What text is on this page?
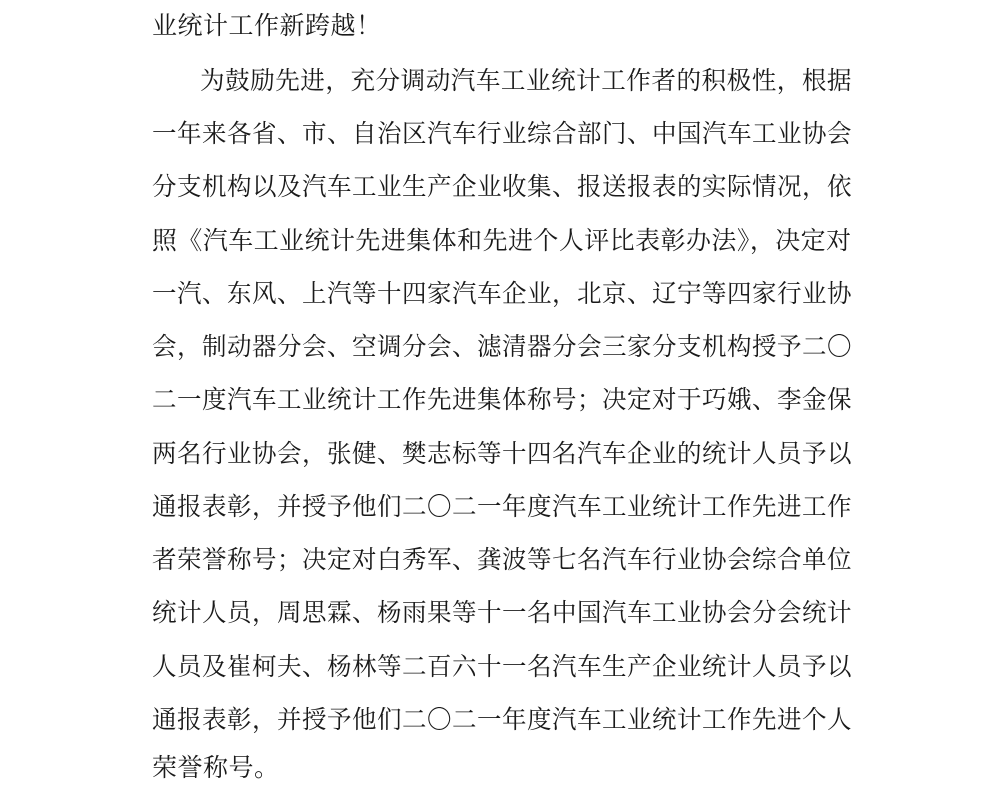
业统计工作新跨越！
为鼓励先进，充分调动汽车工业统计工作者的积极性，根据
一年来各省、市、自治区汽车行业综合部门、中国汽车工业协会
分支机构以及汽车工业生产企业收集、报送报表的实际情况，依
照《汽车工业统计先进集体和先进个人评比表彰办法》，决定对
一汽、东风、上汽等十四家汽车企业，北京、辽宁等四家行业协
会，制动器分会、空调分会、滤清器分会三家分支机构授予二〇
二一度汽车工业统计工作先进集体称号；决定对于巧娥、李金保
两名行业协会，张健、樊志标等十四名汽车企业的统计人员予以
通报表彰，并授予他们二〇二一年度汽车工业统计工作先进工作
者荣誉称号；决定对白秀军、龚波等七名汽车行业协会综合单位
统计人员，周思霖、杨雨果等十一名中国汽车工业协会分会统计
人员及崔柯夫、杨林等二百六十一名汽车生产企业统计人员予以
通报表彰，并授予他们二〇二一年度汽车工业统计工作先进个人
荣誉称号。
